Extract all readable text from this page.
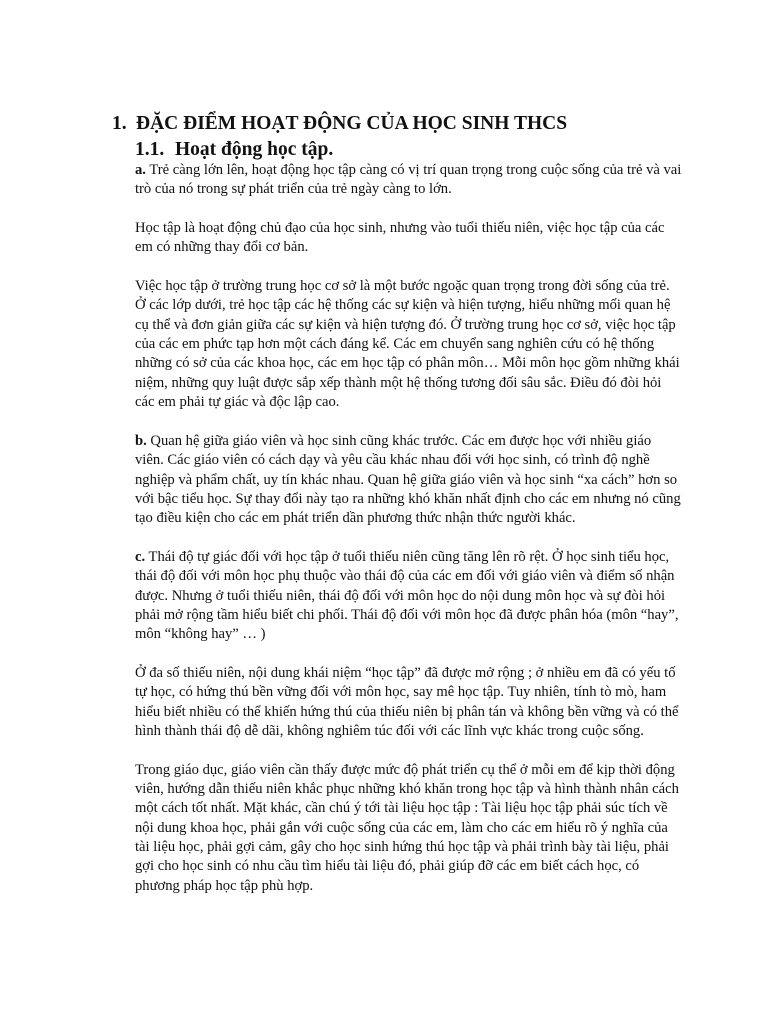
1. ĐẶC ĐIỂM HOẠT ĐỘNG CỦA HỌC SINH THCS
1.1. Hoạt động học tập.

a. Trẻ càng lớn lên, hoạt động học tập càng có vị trí quan trọng trong cuộc sống của trẻ và vai trò của nó trong sự phát triển của trẻ ngày càng to lớn.

Học tập là hoạt động chủ đạo của học sinh, nhưng vào tuổi thiếu niên, việc học tập của các em có những thay đổi cơ bản.

Việc học tập ở trường trung học cơ sở là một bước ngoặc quan trọng trong đời sống của trẻ. Ở các lớp dưới, trẻ học tập các hệ thống các sự kiện và hiện tượng, hiểu những mối quan hệ cụ thể và đơn giản giữa các sự kiện và hiện tượng đó. Ở trường trung học cơ sở, việc học tập của các em phức tạp hơn một cách đáng kể. Các em chuyển sang nghiên cứu có hệ thống những có sở của các khoa học, các em học tập có phân môn… Mỗi môn học gồm những khái niệm, những quy luật được sắp xếp thành một hệ thống tương đối sâu sắc. Điều đó đòi hỏi các em phải tự giác và độc lập cao.

b. Quan hệ giữa giáo viên và học sinh cũng khác trước. Các em được học với nhiều giáo viên. Các giáo viên có cách dạy và yêu cầu khác nhau đối với học sinh, có trình độ nghề nghiệp và phẩm chất, uy tín khác nhau. Quan hệ giữa giáo viên và học sinh “xa cách” hơn so với bậc tiểu học. Sự thay đổi này tạo ra những khó khăn nhất định cho các em nhưng nó cũng tạo điều kiện cho các em phát triển dần phương thức nhận thức người khác.

c. Thái độ tự giác đối với học tập ở tuổi thiếu niên cũng tăng lên rõ rệt. Ở học sinh tiểu học, thái độ đối với môn học phụ thuộc vào thái độ của các em đối với giáo viên và điểm số nhận được. Nhưng ở tuổi thiếu niên, thái độ đối với môn học do nội dung môn học và sự đòi hỏi phải mở rộng tầm hiểu biết chi phối. Thái độ đối với môn học đã được phân hóa (môn “hay”, môn “không hay” … )

Ở đa số thiếu niên, nội dung khái niệm “học tập” đã được mở rộng ; ở nhiều em đã có yếu tố tự học, có hứng thú bền vững đối với môn học, say mê học tập. Tuy nhiên, tính tò mò, ham hiểu biết nhiều có thể khiến hứng thú của thiếu niên bị phân tán và không bền vững và có thể hình thành thái độ dễ dãi, không nghiêm túc đối với các lĩnh vực khác trong cuộc sống.

Trong giáo dục, giáo viên cần thấy được mức độ phát triển cụ thể ở mỗi em để kịp thời động viên, hướng dẫn thiếu niên khắc phục những khó khăn trong học tập và hình thành nhân cách một cách tốt nhất. Mặt khác, cần chú ý tới tài liệu học tập : Tài liệu học tập phải súc tích về nội dung khoa học, phải gắn với cuộc sống của các em, làm cho các em hiểu rõ ý nghĩa của tài liệu học, phải gợi cảm, gây cho học sinh hứng thú học tập và phải trình bày tài liệu, phải gợi cho học sinh có nhu cầu tìm hiểu tài liệu đó, phải giúp đỡ các em biết cách học, có phương pháp học tập phù hợp.
